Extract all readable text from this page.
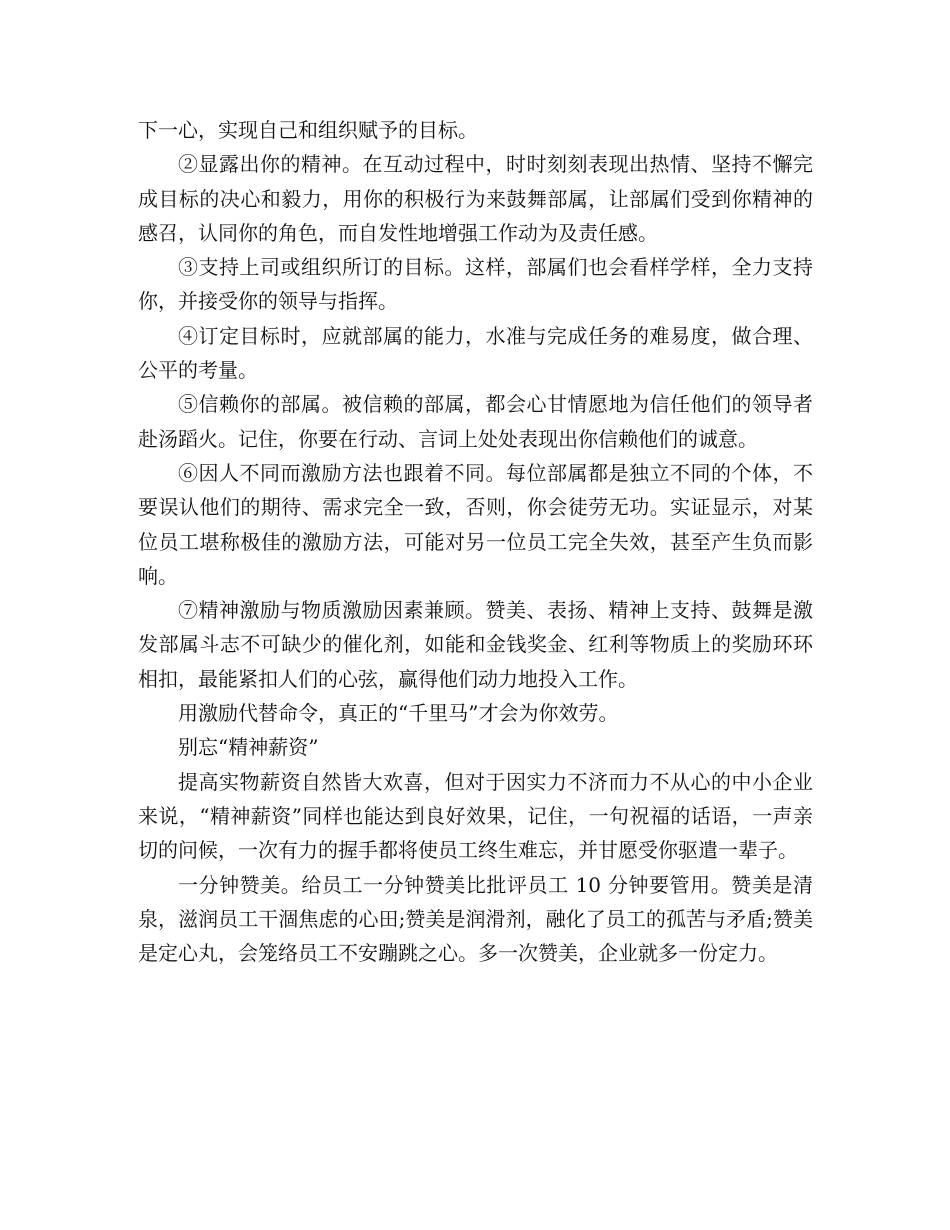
下一心，实现自己和组织赋予的目标。

②显露出你的精神。在互动过程中，时时刻刻表现出热情、坚持不懈完成目标的决心和毅力，用你的积极行为来鼓舞部属，让部属们受到你精神的感召，认同你的角色，而自发性地增强工作动为及责任感。

③支持上司或组织所订的目标。这样，部属们也会看样学样，全力支持你，并接受你的领导与指挥。

④订定目标时，应就部属的能力，水准与完成任务的难易度，做合理、公平的考量。

⑤信赖你的部属。被信赖的部属，都会心甘情愿地为信任他们的领导者赴汤蹈火。记住，你要在行动、言词上处处表现出你信赖他们的诚意。

⑥因人不同而激励方法也跟着不同。每位部属都是独立不同的个体，不要误认他们的期待、需求完全一致，否则，你会徒劳无功。实证显示，对某位员工堪称极佳的激励方法，可能对另一位员工完全失效，甚至产生负而影响。

⑦精神激励与物质激励因素兼顾。赞美、表扬、精神上支持、鼓舞是激发部属斗志不可缺少的催化剂，如能和金钱奖金、红利等物质上的奖励环环相扣，最能紧扣人们的心弦，赢得他们动力地投入工作。

用激励代替命令，真正的“千里马”才会为你效劳。

别忘“精神薪资”

提高实物薪资自然皆大欢喜，但对于因实力不济而力不从心的中小企业来说，“精神薪资”同样也能达到良好效果，记住，一句祝福的话语，一声亲切的问候，一次有力的握手都将使员工终生难忘，并甘愿受你驱遣一辈子。

一分钟赞美。给员工一分钟赞美比批评员工 10 分钟要管用。赞美是清泉，滋润员工干涸焦虑的心田;赞美是润滑剂，融化了员工的孤苦与矛盾;赞美是定心丸，会笼络员工不安蹦跳之心。多一次赞美，企业就多一份定力。
